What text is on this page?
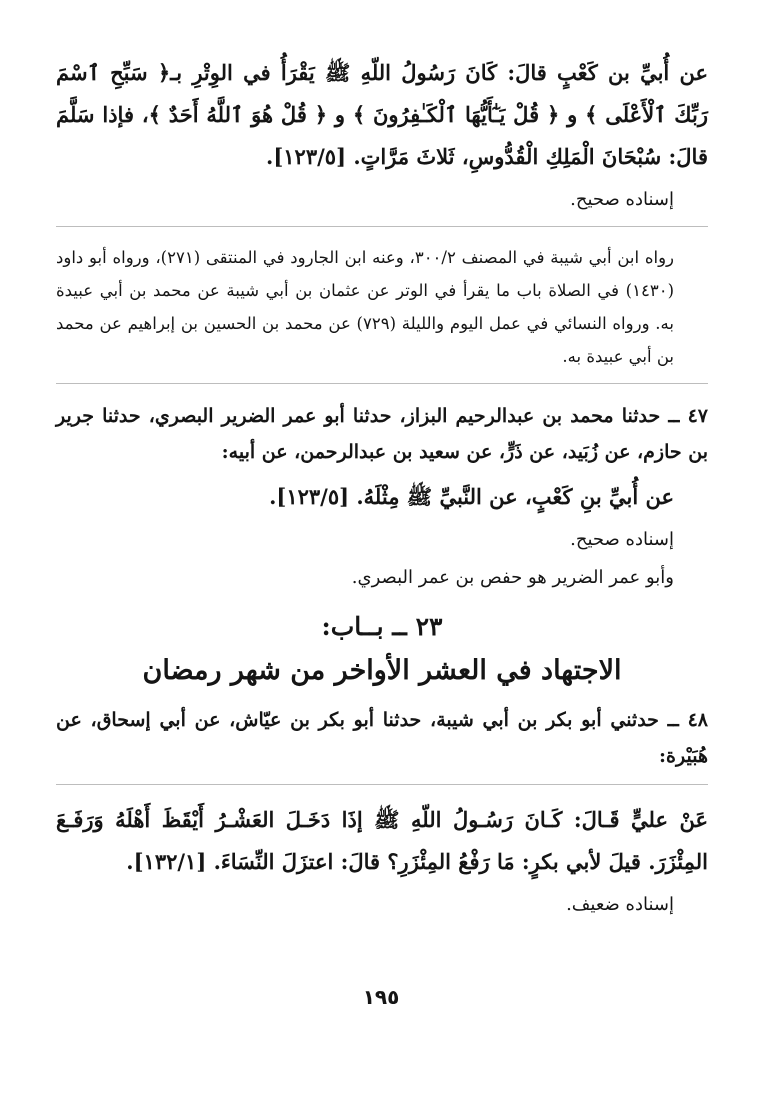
عن أُبيِّ بن كَعْبٍ قالَ: كَانَ رَسُولُ اللّهِ ﷺ يَقْرَأُ في الوِتْرِ بـ﴿ سَبِّحِ ٱسْمَ رَبِّكَ ٱلْأَعْلَى ﴾ و ﴿ قُلْ يَـٰٓأَيُّهَا ٱلْكَـٰفِرُونَ ﴾ و ﴿ قُلْ هُوَ ٱللَّهُ أَحَدٌ ﴾، فإذا سَلَّمَ قالَ: سُبْحَانَ الْمَلِكِ الْقُدُّوسِ، ثَلاثَ مَرَّاتٍ. [١٢٣/٥].

إسناده صحيح.

رواه ابن أبي شيبة في المصنف ٣٠٠/٢، وعنه ابن الجارود في المنتقى (٢٧١)، ورواه أبو داود (١٤٣٠) في الصلاة باب ما يقرأ في الوتر عن عثمان بن أبي شيبة عن محمد بن أبي عبيدة به. ورواه النسائي في عمل اليوم والليلة (٧٢٩) عن محمد بن الحسين بن إبراهيم عن محمد بن أبي عبيدة به.

٤٧ ــ حدثنا محمد بن عبدالرحيم البزاز، حدثنا أبو عمر الضرير البصري، حدثنا جرير بن حازم، عن زُبَيد، عن ذَرٍّ، عن سعيد بن عبدالرحمن، عن أبيه:

عن أُبيِّ بنِ كَعْبٍ، عن النَّبيِّ ﷺ مِثْلَهُ. [١٢٣/٥].

إسناده صحيح.

وأبو عمر الضرير هو حفص بن عمر البصري.

٢٣ ــ بــاب:

الاجتهاد في العشر الأواخر من شهر رمضان

٤٨ ــ حدثني أبو بكر بن أبي شيبة، حدثنا أبو بكر بن عيّاش، عن أبي إسحاق، عن هُبَيْرة:

عَنْ عليٍّ قَـالَ: كَـانَ رَسُـولُ اللّهِ ﷺ إذَا دَخَـلَ العَشْـرُ أَيْقَظَ أَهْلَهُ وَرَفَـعَ المِئْزَرَ. قيلَ لأبي بكرٍ: مَا رَفْعُ المِئْزَرِ؟ قالَ: اعتزَلَ النِّسَاءَ. [١٣٢/١].

إسناده ضعيف.

١٩٥
